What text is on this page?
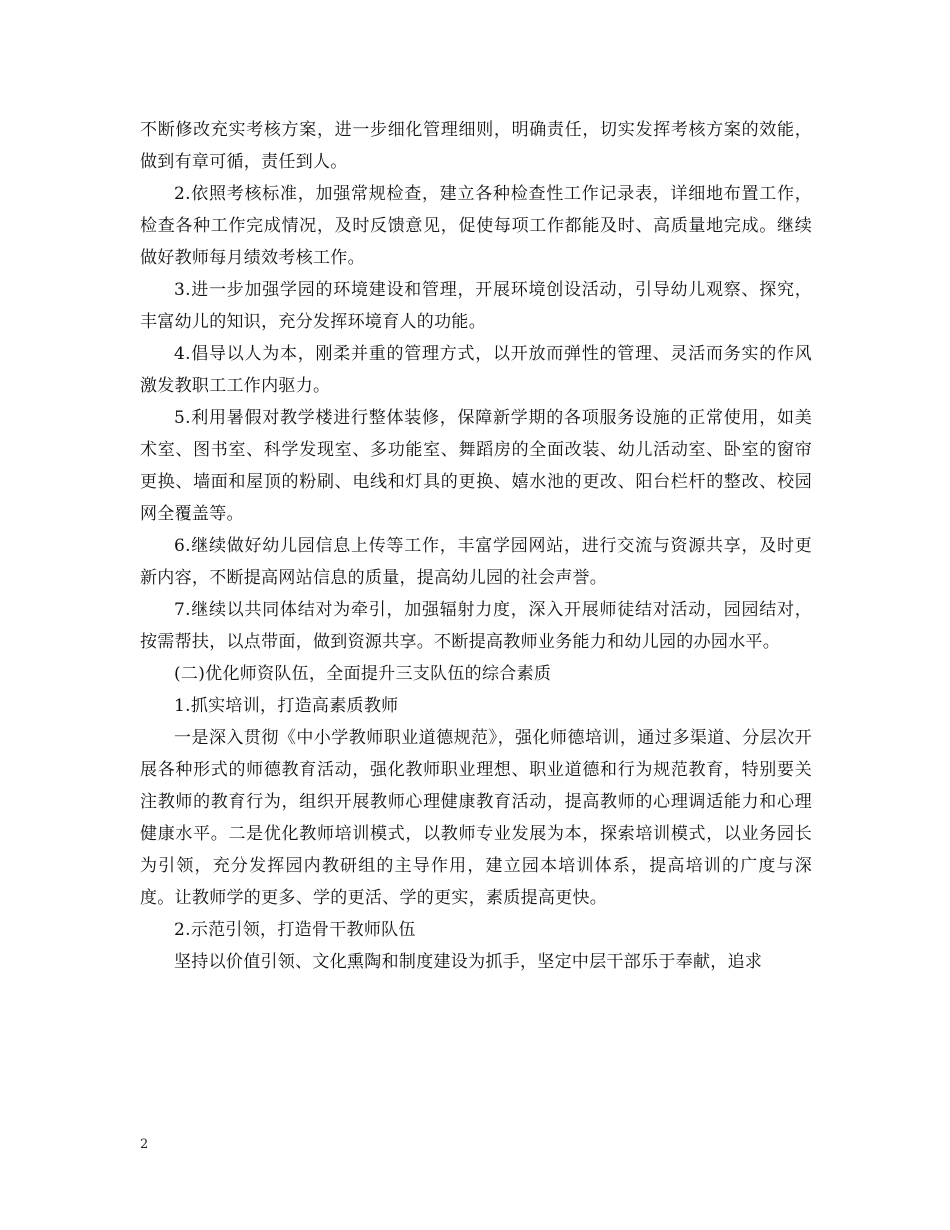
不断修改充实考核方案，进一步细化管理细则，明确责任，切实发挥考核方案的效能，做到有章可循，责任到人。

2.依照考核标准，加强常规检查，建立各种检查性工作记录表，详细地布置工作，检查各种工作完成情况，及时反馈意见，促使每项工作都能及时、高质量地完成。继续做好教师每月绩效考核工作。

3.进一步加强学园的环境建设和管理，开展环境创设活动，引导幼儿观察、探究，丰富幼儿的知识，充分发挥环境育人的功能。

4.倡导以人为本，刚柔并重的管理方式，以开放而弹性的管理、灵活而务实的作风激发教职工工作内驱力。

5.利用暑假对教学楼进行整体装修，保障新学期的各项服务设施的正常使用，如美术室、图书室、科学发现室、多功能室、舞蹈房的全面改装、幼儿活动室、卧室的窗帘更换、墙面和屋顶的粉刷、电线和灯具的更换、嬉水池的更改、阳台栏杆的整改、校园网全覆盖等。

6.继续做好幼儿园信息上传等工作，丰富学园网站，进行交流与资源共享，及时更新内容，不断提高网站信息的质量，提高幼儿园的社会声誉。

7.继续以共同体结对为牵引，加强辐射力度，深入开展师徒结对活动，园园结对，按需帮扶，以点带面，做到资源共享。不断提高教师业务能力和幼儿园的办园水平。

(二)优化师资队伍，全面提升三支队伍的综合素质

1.抓实培训，打造高素质教师

一是深入贯彻《中小学教师职业道德规范》，强化师德培训，通过多渠道、分层次开展各种形式的师德教育活动，强化教师职业理想、职业道德和行为规范教育，特别要关注教师的教育行为，组织开展教师心理健康教育活动，提高教师的心理调适能力和心理健康水平。二是优化教师培训模式，以教师专业发展为本，探索培训模式，以业务园长为引领，充分发挥园内教研组的主导作用，建立园本培训体系，提高培训的广度与深度。让教师学的更多、学的更活、学的更实，素质提高更快。

2.示范引领，打造骨干教师队伍

坚持以价值引领、文化熏陶和制度建设为抓手，坚定中层干部乐于奉献，追求

2
